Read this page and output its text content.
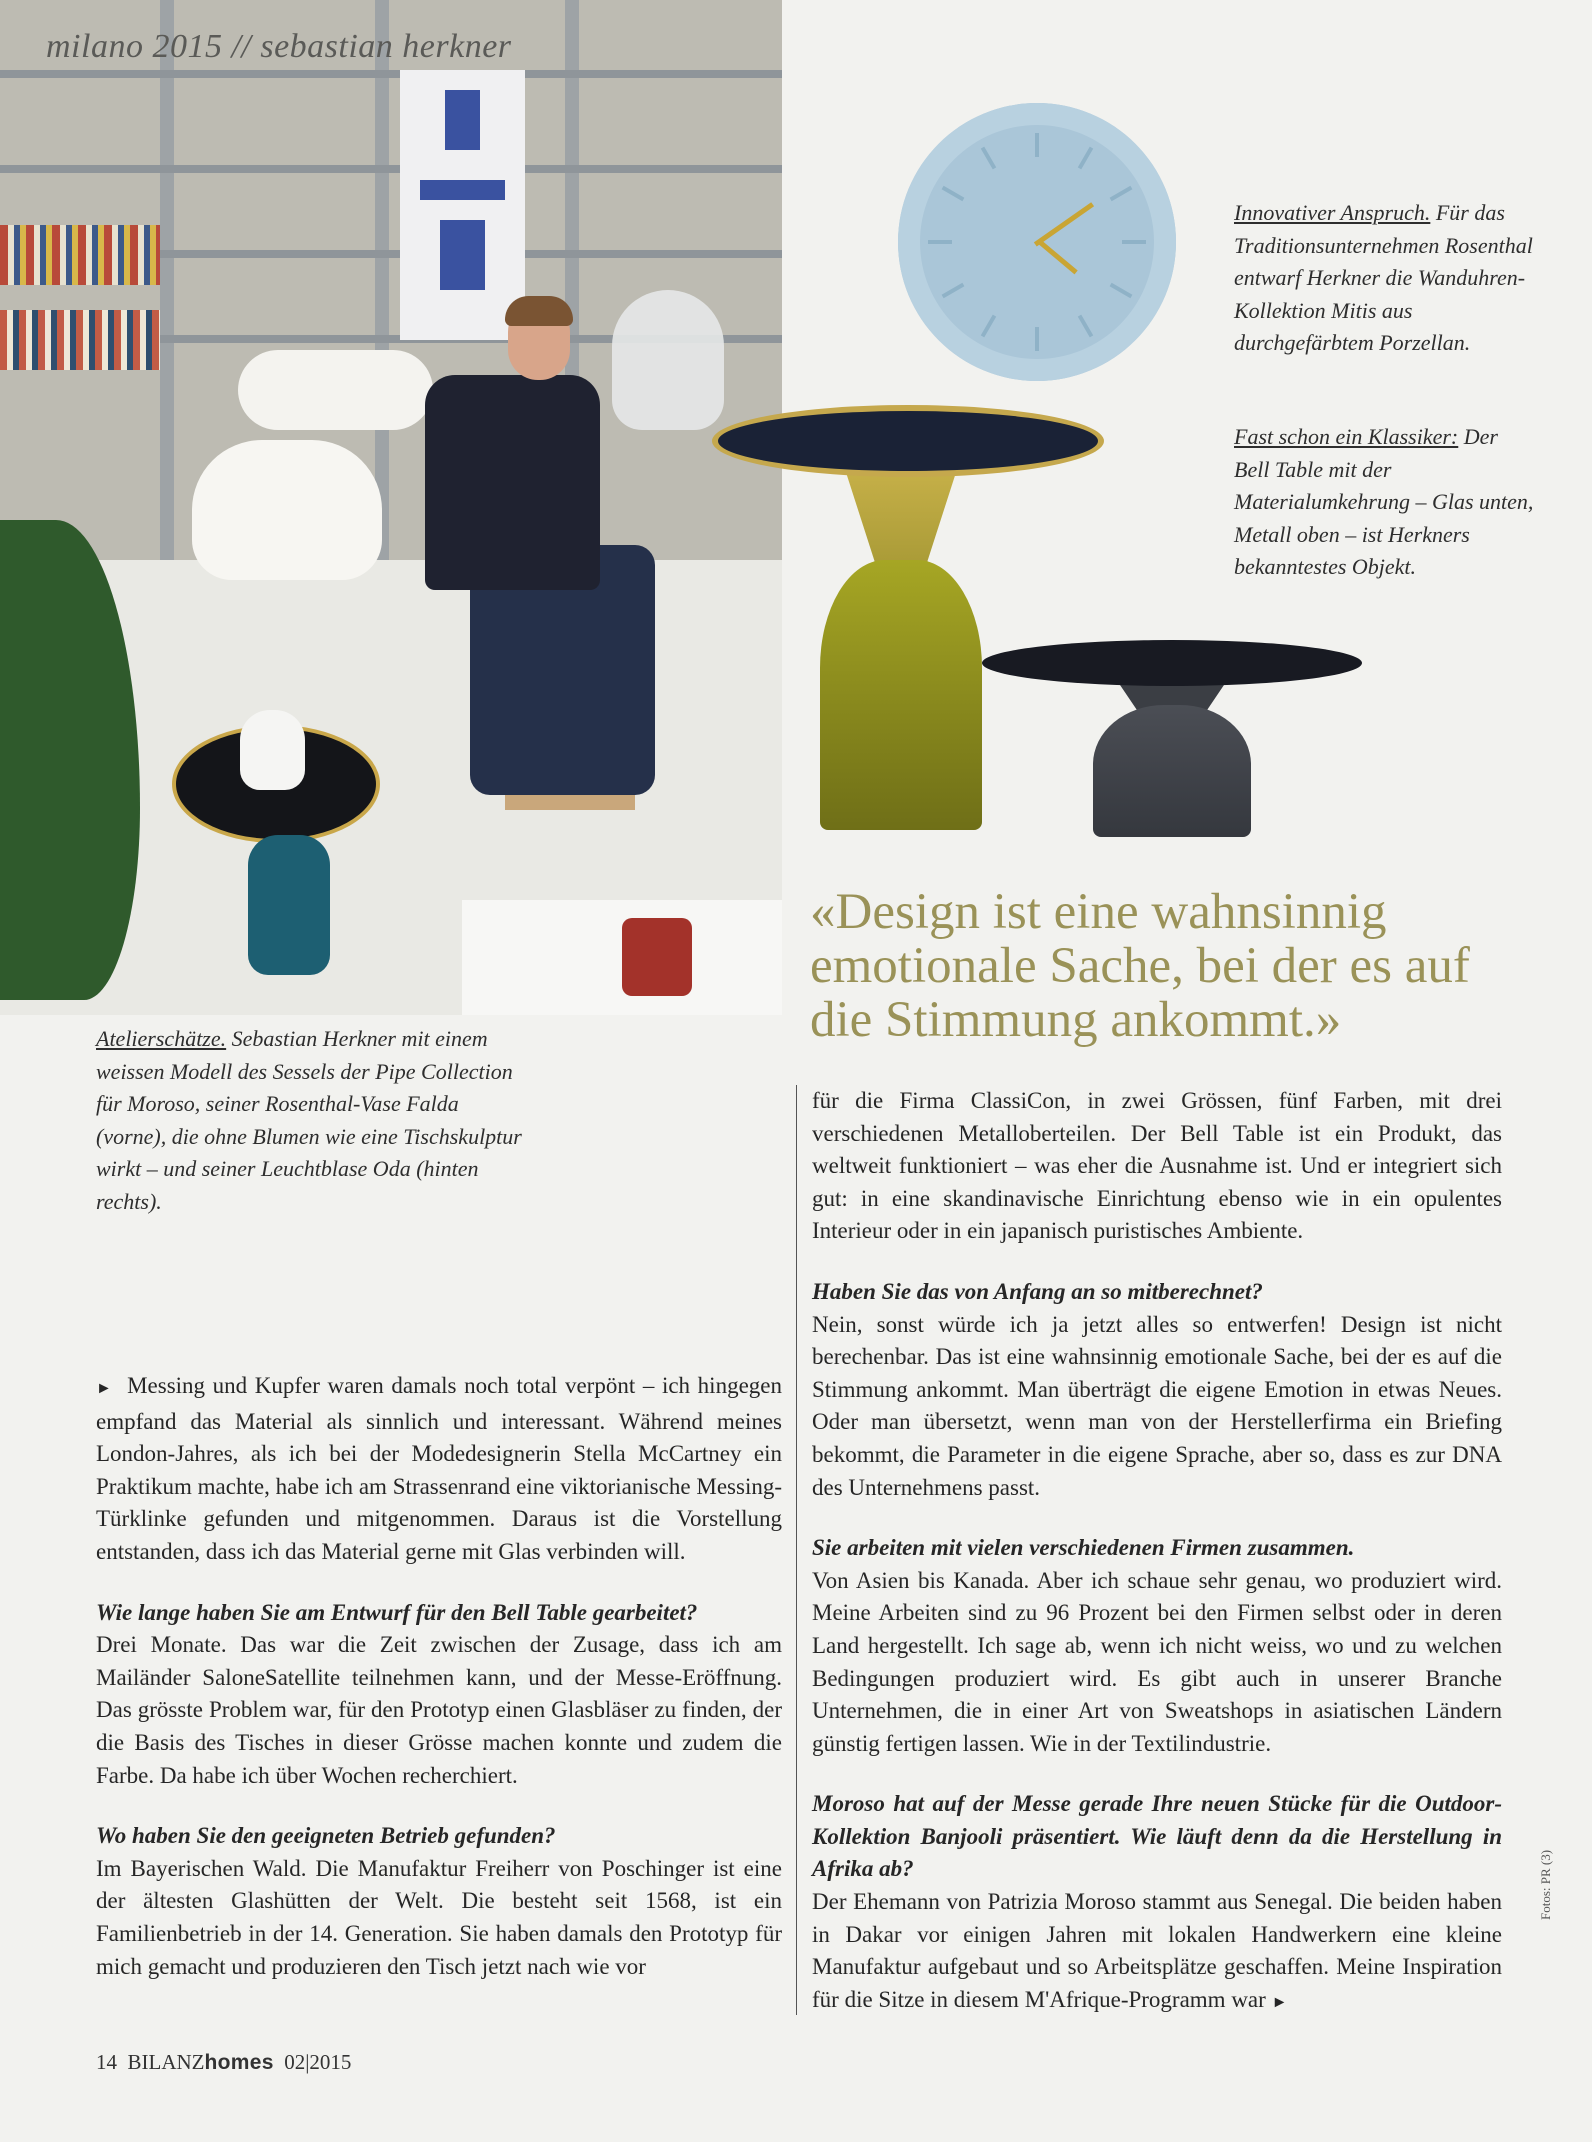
milano 2015 // sebastian herkner
Innovativer Anspruch. Für das Traditionsunternehmen Rosenthal entwarf Herkner die Wanduhren-Kollektion Mitis aus durchgefärbtem Porzellan.
Fast schon ein Klassiker: Der Bell Table mit der Materialumkehrung – Glas unten, Metall oben – ist Herkners bekanntestes Objekt.
Atelierschätze. Sebastian Herkner mit einem weissen Modell des Sessels der Pipe Collection für Moroso, seiner Rosenthal-Vase Falda (vorne), die ohne Blumen wie eine Tischskulptur wirkt – und seiner Leuchtblase Oda (hinten rechts).
«Design ist eine wahnsinnig emotionale Sache, bei der es auf die Stimmung ankommt.»

► Messing und Kupfer waren damals noch total verpönt – ich hingegen empfand das Material als sinnlich und interessant. Während meines London-Jahres, als ich bei der Modedesignerin Stella McCartney ein Praktikum machte, habe ich am Strassenrand eine viktorianische Messing-Türklinke gefunden und mitgenommen. Daraus ist die Vorstellung entstanden, dass ich das Material gerne mit Glas verbinden will.

Wie lange haben Sie am Entwurf für den Bell Table gearbeitet?

Drei Monate. Das war die Zeit zwischen der Zusage, dass ich am Mailänder SaloneSatellite teilnehmen kann, und der Messe-Eröffnung. Das grösste Problem war, für den Prototyp einen Glasbläser zu finden, der die Basis des Tisches in dieser Grösse machen konnte und zudem die Farbe. Da habe ich über Wochen recherchiert.

Wo haben Sie den geeigneten Betrieb gefunden?

Im Bayerischen Wald. Die Manufaktur Freiherr von Poschinger ist eine der ältesten Glashütten der Welt. Die besteht seit 1568, ist ein Familienbetrieb in der 14. Generation. Sie haben damals den Prototyp für mich gemacht und produzieren den Tisch jetzt nach wie vor

für die Firma ClassiCon, in zwei Grössen, fünf Farben, mit drei verschiedenen Metalloberteilen. Der Bell Table ist ein Produkt, das weltweit funktioniert – was eher die Ausnahme ist. Und er integriert sich gut: in eine skandinavische Einrichtung ebenso wie in ein opulentes Interieur oder in ein japanisch puristisches Ambiente.

Haben Sie das von Anfang an so mitberechnet?

Nein, sonst würde ich ja jetzt alles so entwerfen! Design ist nicht berechenbar. Das ist eine wahnsinnig emotionale Sache, bei der es auf die Stimmung ankommt. Man überträgt die eigene Emotion in etwas Neues. Oder man übersetzt, wenn man von der Herstellerfirma ein Briefing bekommt, die Parameter in die eigene Sprache, aber so, dass es zur DNA des Unternehmens passt.

Sie arbeiten mit vielen verschiedenen Firmen zusammen.

Von Asien bis Kanada. Aber ich schaue sehr genau, wo produziert wird. Meine Arbeiten sind zu 96 Prozent bei den Firmen selbst oder in deren Land hergestellt. Ich sage ab, wenn ich nicht weiss, wo und zu welchen Bedingungen produziert wird. Es gibt auch in unserer Branche Unternehmen, die in einer Art von Sweatshops in asiatischen Ländern günstig fertigen lassen. Wie in der Textilindustrie.

Moroso hat auf der Messe gerade Ihre neuen Stücke für die Outdoor-Kollektion Banjooli präsentiert. Wie läuft denn da die Herstellung in Afrika ab?

Der Ehemann von Patrizia Moroso stammt aus Senegal. Die beiden haben in Dakar vor einigen Jahren mit lokalen Handwerkern eine kleine Manufaktur aufgebaut und so Arbeitsplätze geschaffen. Meine Inspiration für die Sitze in diesem M'Afrique-Programm war ►

14 BILANZhomes 02|2015
Fotos: PR (3)
